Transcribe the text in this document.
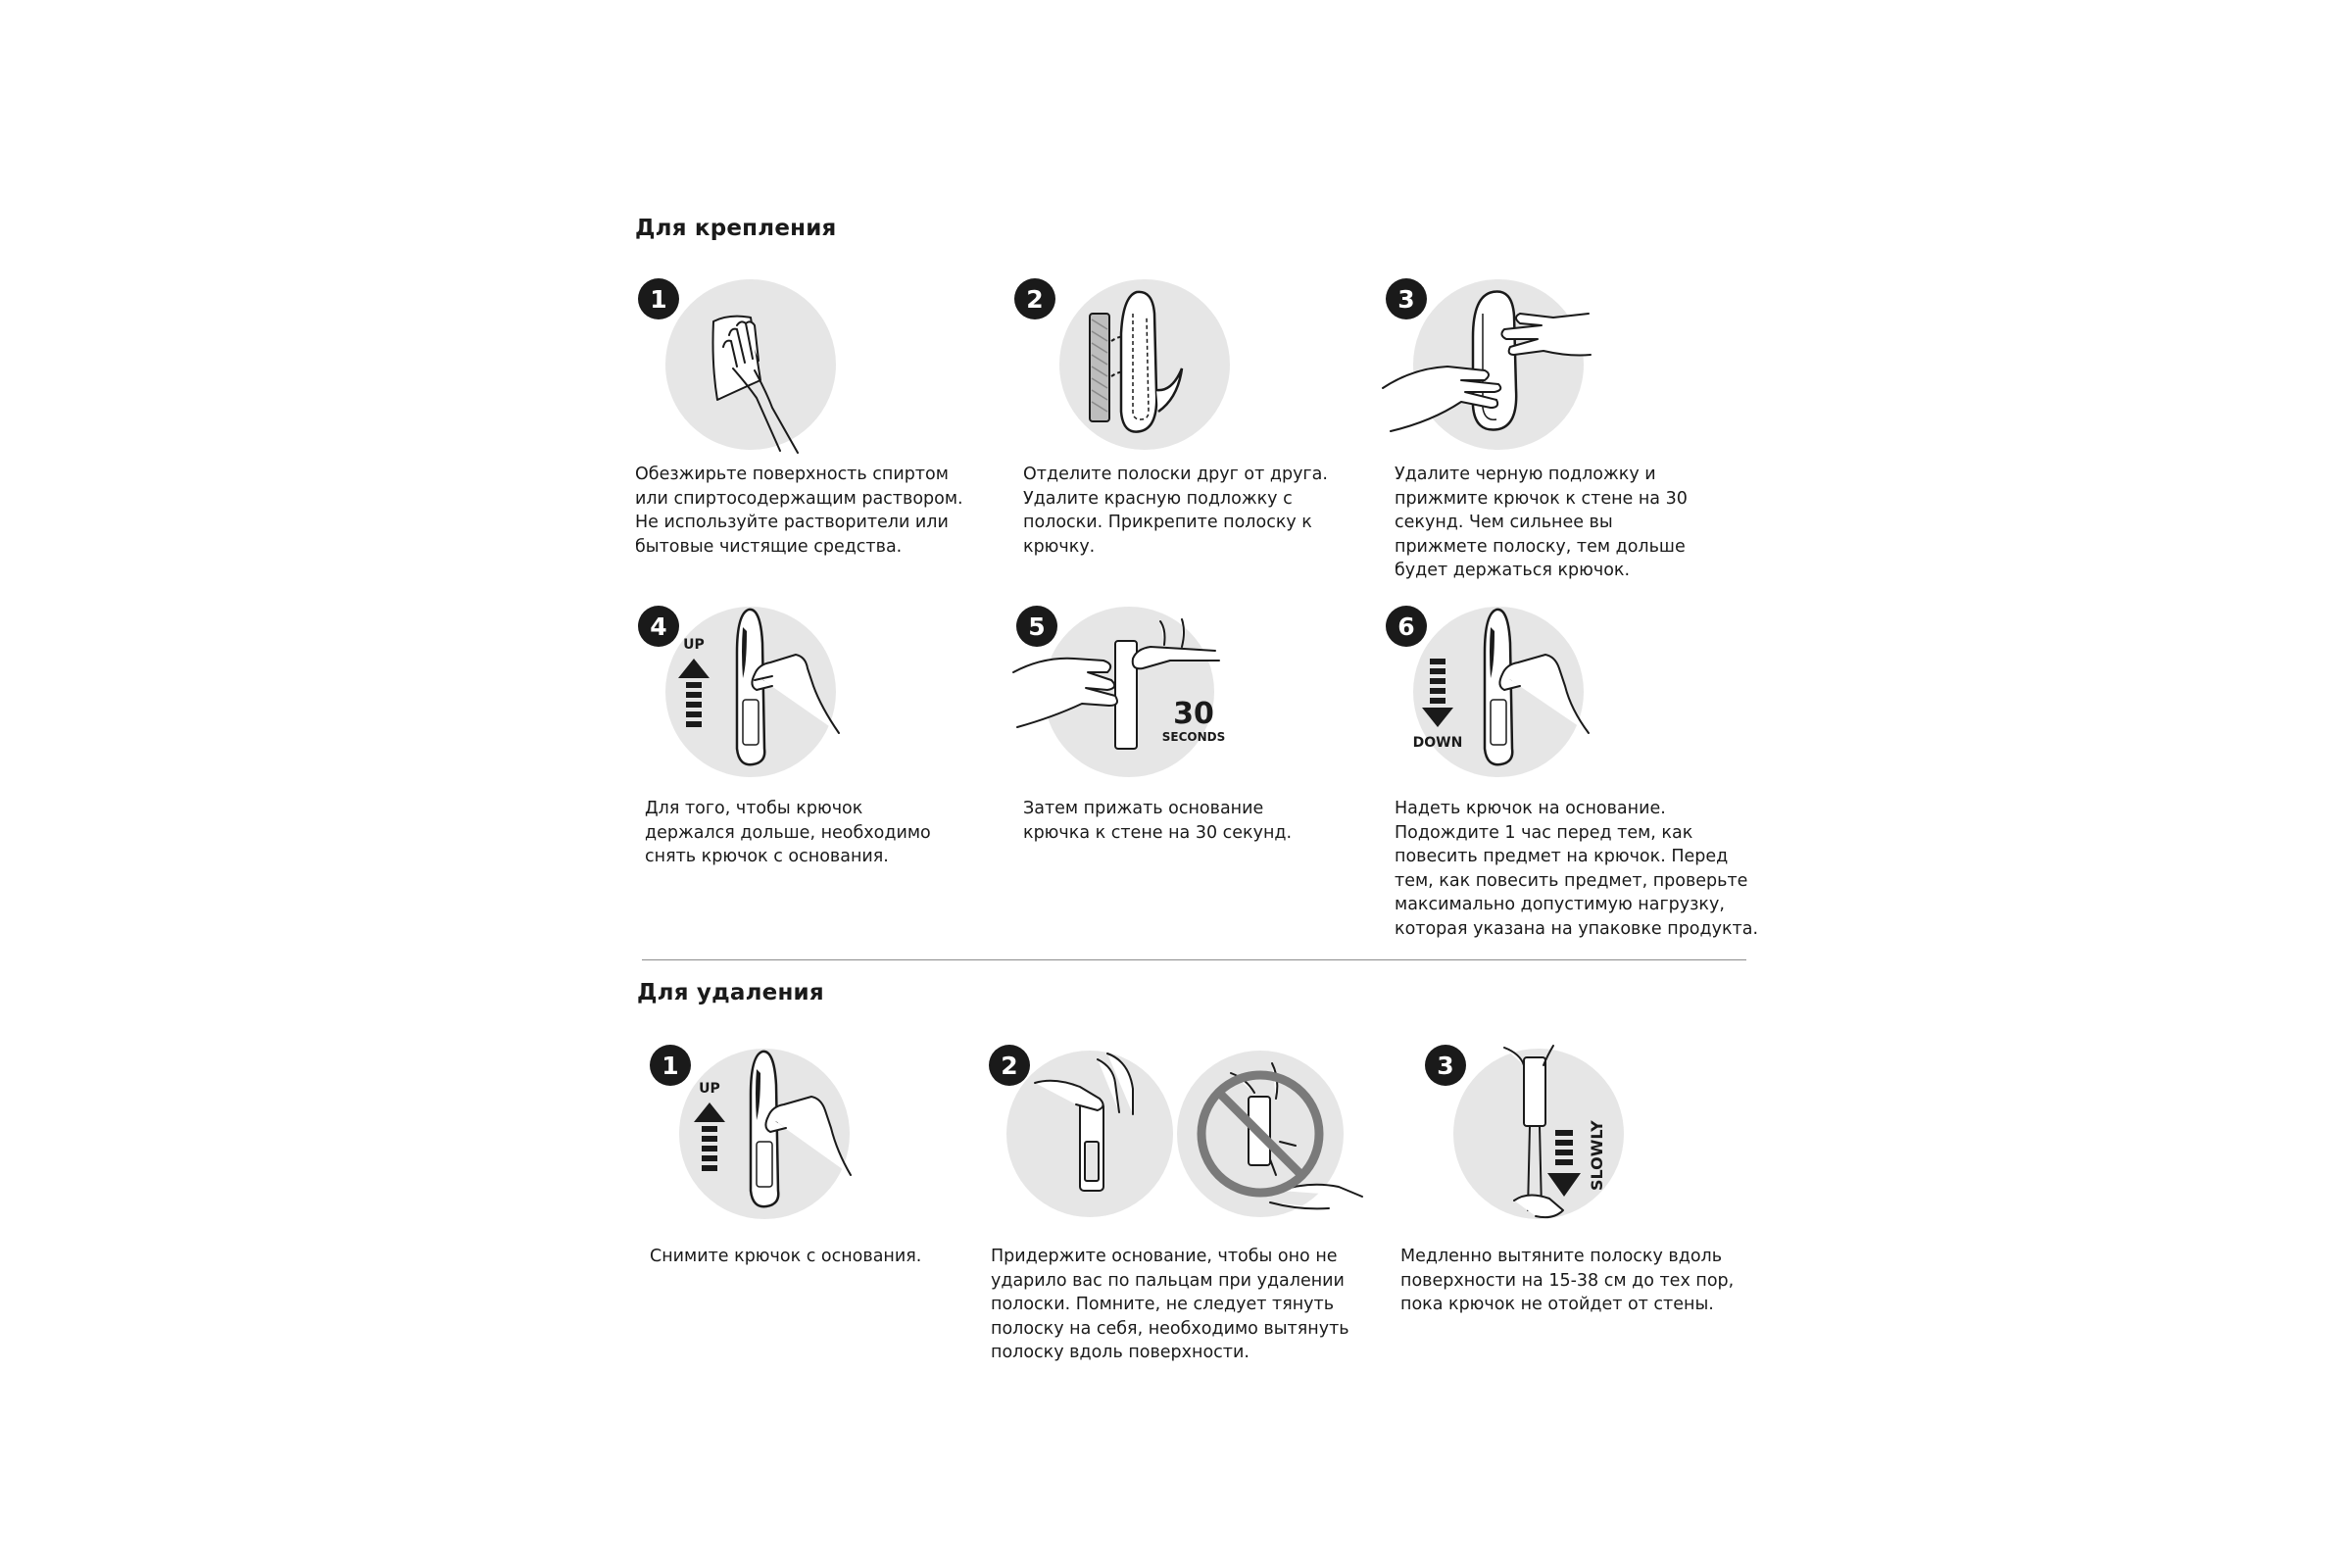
Для крепления
1

Обезжирьте поверхность спиртом
или спиртосодержащим раствором.
Не используйте растворители или
бытовые чистящие средства.

2

Отделите полоски друг от друга.
Удалите красную подложку с
полоски. Прикрепите полоску к
крючку.

3

Удалите черную подложку и
прижмите крючок к стене на 30
секунд. Чем сильнее вы
прижмете полоску, тем дольше
будет держаться крючок.

UP
4

Для того, чтобы крючок
держался дольше, необходимо
снять крючок с основания.

30
SECONDS
5

Затем прижать основание
крючка к стене на 30 секунд.

DOWN
6

Надеть крючок на основание.
Подождите 1 час перед тем, как
повесить предмет на крючок. Перед
тем, как повесить предмет, проверьте
максимально допустимую нагрузку,
которая указана на упаковке продукта.

Для удаления
UP
1

Снимите крючок с основания.

2

Придержите основание, чтобы оно не
ударило вас по пальцам при удалении
полоски. Помните, не следует тянуть
полоску на себя, необходимо вытянуть
полоску вдоль поверхности.

SLOWLY
3

Медленно вытяните полоску вдоль
поверхности на 15-38 см до тех пор,
пока крючок не отойдет от стены.
